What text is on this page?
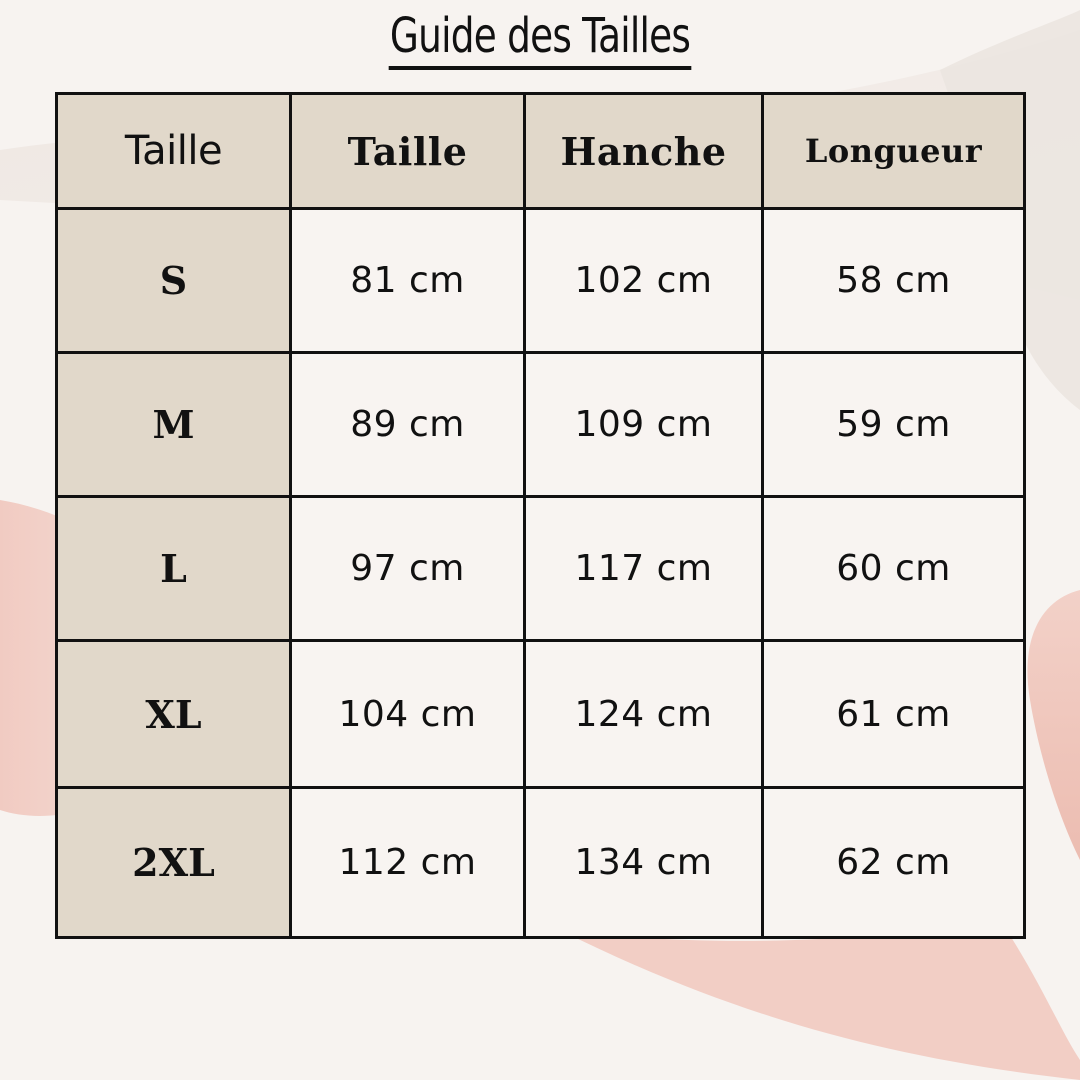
Guide des Tailles
Taille	Taille	Hanche	Longueur
S	81 cm	102 cm	58 cm
M	89 cm	109 cm	59 cm
L	97 cm	117 cm	60 cm
XL	104 cm	124 cm	61 cm
2XL	112 cm	134 cm	62 cm
